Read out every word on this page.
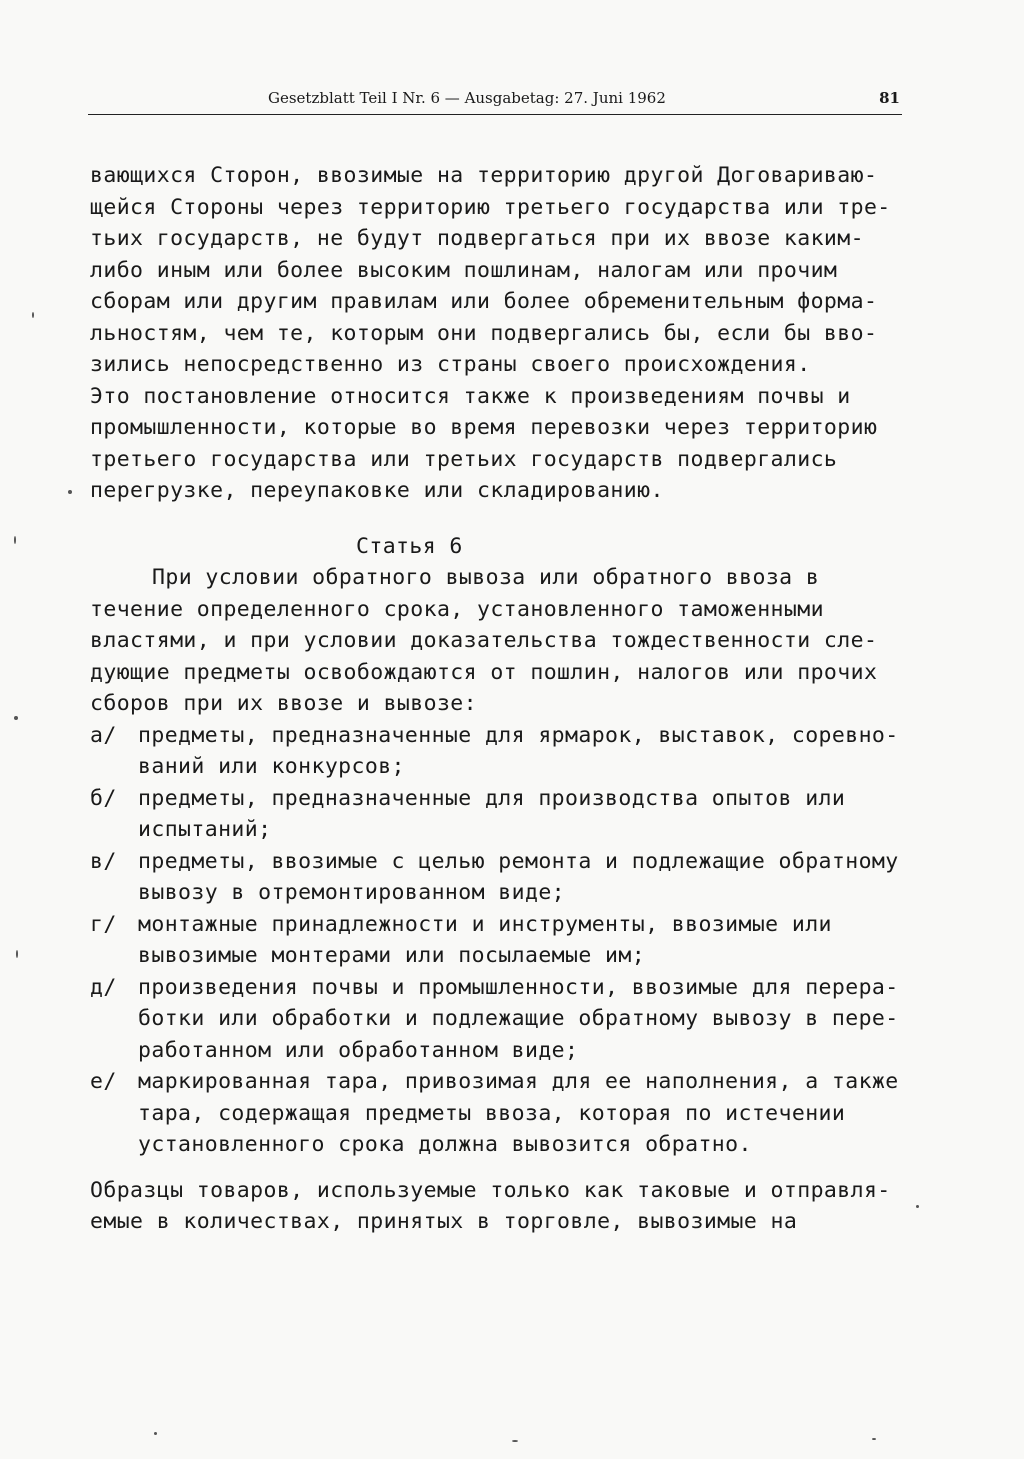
Gesetzblatt Teil I Nr. 6 — Ausgabetag: 27. Juni 1962	81
вающихся Сторон, ввозимые на территорию другой Договариваю-
щейся Стороны через территорию третьего государства или тре-
тьих государств, не будут подвергаться при их ввозе каким-
либо иным или более высоким пошлинам, налогам или прочим
сборам или другим правилам или более обременительным форма-
льностям, чем те, которым они подвергались бы, если бы вво-
зились непосредственно из страны своего происхождения.
Это постановление относится также к произведениям почвы и
промышленности, которые во время перевозки через территорию
третьего государства или третьих государств подвергались
перегрузке, переупаковке или складированию.
Статья 6
При условии обратного вывоза или обратного ввоза в
течение определенного срока, установленного таможенными
властями, и при условии доказательства тождественности сле-
дующие предметы освобождаются от пошлин, налогов или прочих
сборов при их ввозе и вывозе:
а/ предметы, предназначенные для ярмарок, выставок, соревно-
ваний или конкурсов;
б/ предметы, предназначенные для производства опытов или
испытаний;
в/ предметы, ввозимые с целью ремонта и подлежащие обратному
вывозу в отремонтированном виде;
г/ монтажные принадлежности и инструменты, ввозимые или
вывозимые монтерами или посылаемые им;
д/ произведения почвы и промышленности, ввозимые для перера-
ботки или обработки и подлежащие обратному вывозу в пере-
работанном или обработанном виде;
е/ маркированная тара, привозимая для ее наполнения, а также
тара, содержащая предметы ввоза, которая по истечении
установленного срока должна вывозится обратно.
Образцы товаров, используемые только как таковые и отправля-
емые в количествах, принятых в торговле, вывозимые на
